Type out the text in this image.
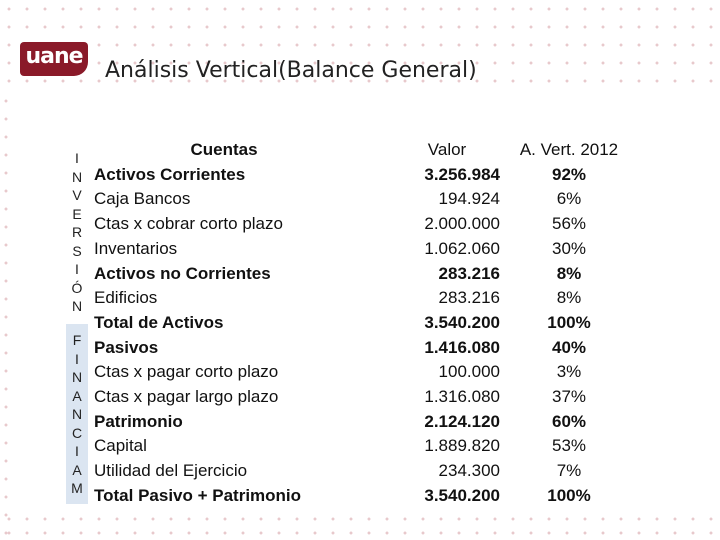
uane
Análisis Vertical(Balance General)
I
N
V
E
R
S
I
Ó
N
F
I
N
A
N
C
I
A
M
Cuentas	Valor	A. Vert. 2012
Activos Corrientes	3.256.984	92%
Caja Bancos	194.924	6%
Ctas x cobrar corto plazo	2.000.000	56%
Inventarios	1.062.060	30%
Activos no Corrientes	283.216	8%
Edificios	283.216	8%
Total de Activos	3.540.200	100%
Pasivos	1.416.080	40%
Ctas x pagar corto plazo	100.000	3%
Ctas x pagar largo plazo	1.316.080	37%
Patrimonio	2.124.120	60%
Capital	1.889.820	53%
Utilidad del Ejercicio	234.300	7%
Total Pasivo + Patrimonio	3.540.200	100%
